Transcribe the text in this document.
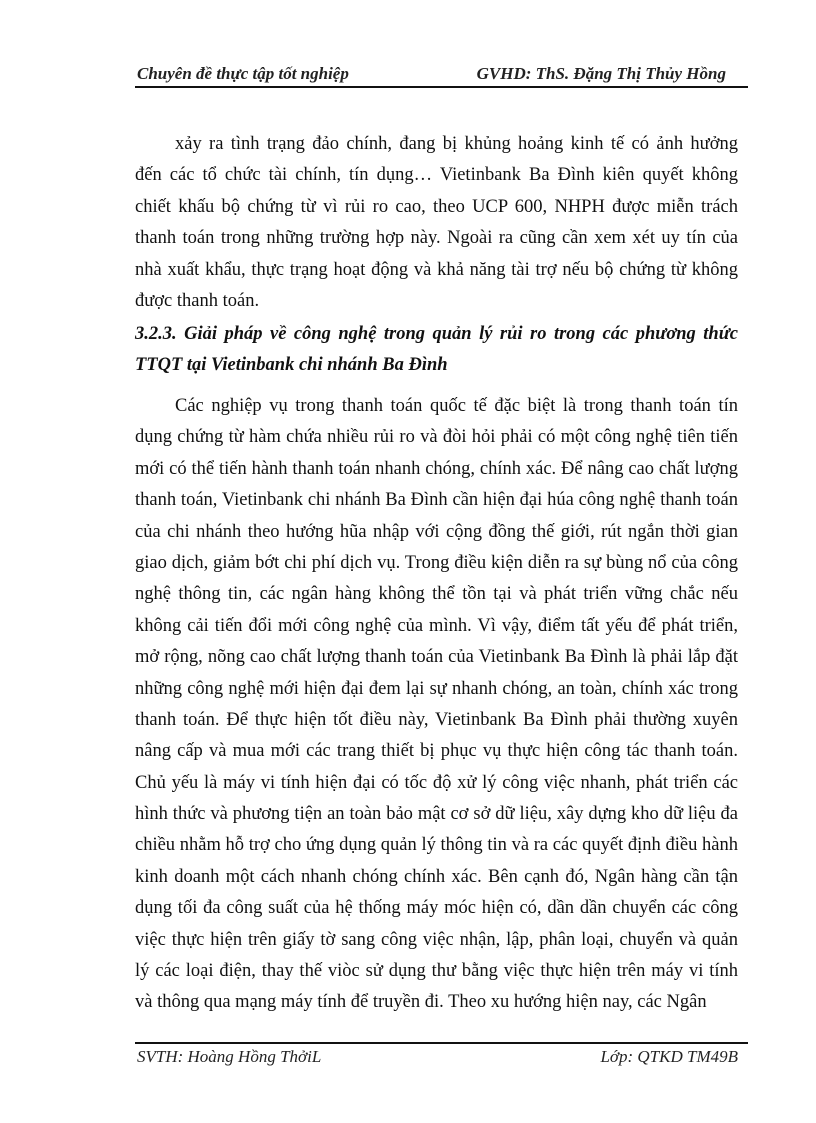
Chuyên đề thực tập tốt nghiệp	GVHD: ThS. Đặng Thị Thủy Hồng
xảy ra tình trạng đảo chính, đang bị khủng hoảng kinh tế có ảnh hưởng
đến các tổ chức tài chính, tín dụng… Vietinbank Ba Đình kiên quyết không
chiết khấu bộ chứng từ vì rủi ro cao, theo UCP 600, NHPH được miễn trách
thanh toán trong những trường hợp này. Ngoài ra cũng cần xem xét uy tín của
nhà xuất khẩu, thực trạng hoạt động và khả năng tài trợ nếu bộ chứng từ không
được thanh toán.
3.2.3. Giải pháp về công nghệ trong quản lý rủi ro trong các phương thức
TTQT tại Vietinbank chi nhánh Ba Đình
Các nghiệp vụ trong thanh toán quốc tế đặc biệt là trong thanh toán tín
dụng chứng từ hàm chứa nhiều rủi ro và đòi hỏi phải có một công nghệ tiên tiến
mới có thể tiến hành thanh toán nhanh chóng, chính xác. Để nâng cao chất lượng
thanh toán, Vietinbank chi nhánh Ba Đình cần hiện đại húa công nghệ thanh toán
của chi nhánh theo hướng hũa nhập với cộng đồng thế giới, rút ngắn thời gian
giao dịch, giảm bớt chi phí dịch vụ. Trong điều kiện diễn ra sự bùng nổ của công
nghệ thông tin, các ngân hàng không thể tồn tại và phát triển vững chắc nếu
không cải tiến đổi mới công nghệ của mình. Vì vậy, điểm tất yếu để phát triển,
mở rộng, nõng cao chất lượng thanh toán của Vietinbank Ba Đình là phải lắp đặt
những công nghệ mới hiện đại đem lại sự nhanh chóng, an toàn, chính xác trong
thanh toán. Để thực hiện tốt điều này, Vietinbank Ba Đình phải thường xuyên
nâng cấp và mua mới các trang thiết bị phục vụ thực hiện công tác thanh toán.
Chủ yếu là máy vi tính hiện đại có tốc độ xử lý công việc nhanh, phát triển các
hình thức và phương tiện an toàn bảo mật cơ sở dữ liệu, xây dựng kho dữ liệu đa
chiều nhằm hỗ trợ cho ứng dụng quản lý thông tin và ra các quyết định điều hành
kinh doanh một cách nhanh chóng chính xác. Bên cạnh đó, Ngân hàng cần tận
dụng tối đa công suất của hệ thống máy móc hiện có, dần dần chuyển các công
việc thực hiện trên giấy tờ sang công việc nhận, lập, phân loại, chuyển và quản
lý các loại điện, thay thế viòc sử dụng thư bằng việc thực hiện trên máy vi tính
và thông qua mạng máy tính để truyền đi. Theo xu hướng hiện nay, các Ngân
SVTH: Hoàng Hồng ThởiL	Lớp: QTKD TM49B
